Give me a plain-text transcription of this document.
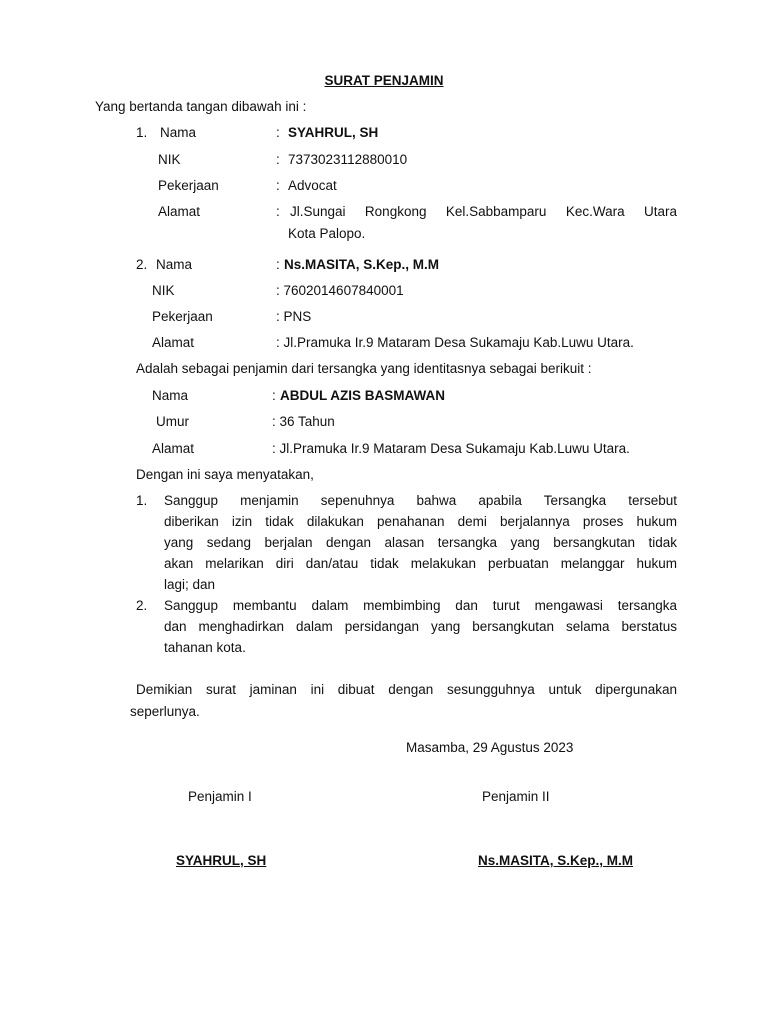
SURAT PENJAMIN
Yang bertanda tangan dibawah ini :
1. Nama	: SYAHRUL, SH
NIK	: 7373023112880010
Pekerjaan	: Advocat
Alamat	: Jl.Sungai Rongkong Kel.Sabbamparu Kec.Wara Utara
Kota Palopo.
2. Nama	: Ns.MASITA, S.Kep., M.M
NIK	: 7602014607840001
Pekerjaan	: PNS
Alamat	: Jl.Pramuka Ir.9 Mataram Desa Sukamaju Kab.Luwu Utara.
Adalah sebagai penjamin dari tersangka yang identitasnya sebagai berikuit :
Nama	: ABDUL AZIS BASMAWAN
Umur	: 36 Tahun
Alamat	: Jl.Pramuka Ir.9 Mataram Desa Sukamaju Kab.Luwu Utara.
Dengan ini saya menyatakan,
1. Sanggup menjamin sepenuhnya bahwa apabila Tersangka tersebut
diberikan izin tidak dilakukan penahanan demi berjalannya proses hukum
yang sedang berjalan dengan alasan tersangka yang bersangkutan tidak
akan melarikan diri dan/atau tidak melakukan perbuatan melanggar hukum
lagi; dan
2. Sanggup membantu dalam membimbing dan turut mengawasi tersangka
dan menghadirkan dalam persidangan yang bersangkutan selama berstatus
tahanan kota.
Demikian surat jaminan ini dibuat dengan sesungguhnya untuk dipergunakan
seperlunya.
Masamba, 29 Agustus 2023
Penjamin I	Penjamin II
SYAHRUL, SH	Ns.MASITA, S.Kep., M.M
